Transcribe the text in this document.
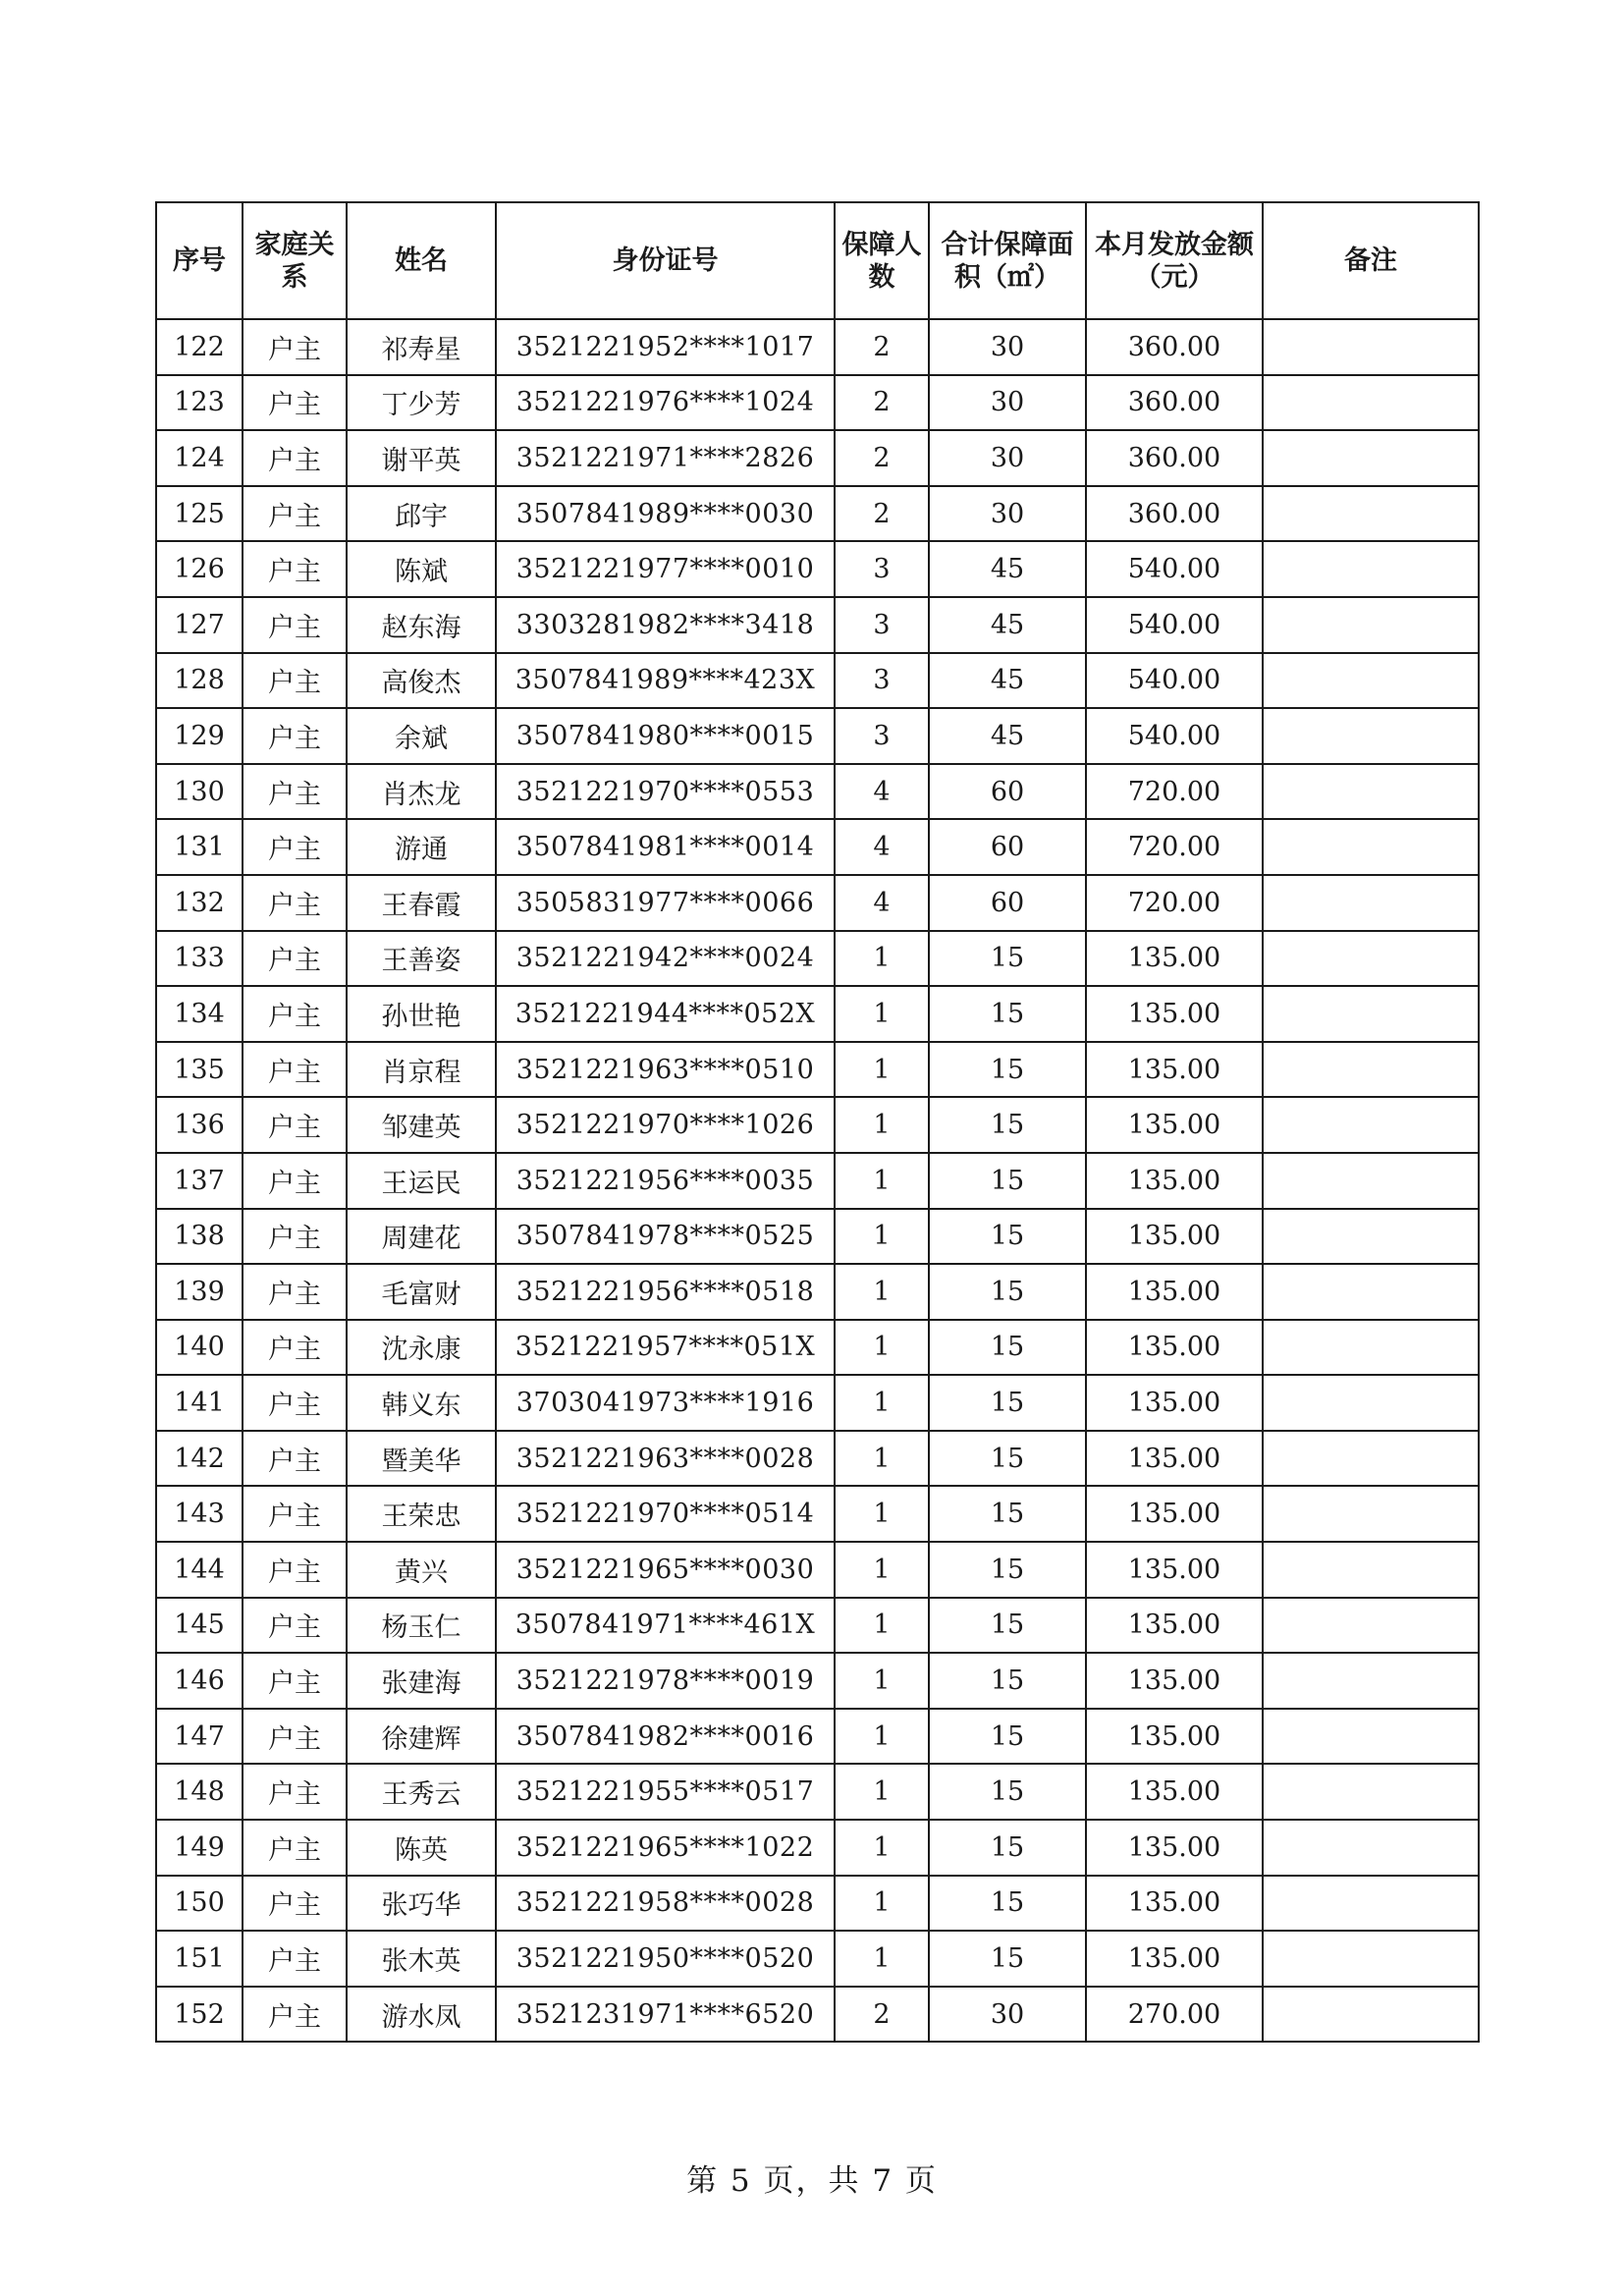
序号	家庭关系	姓名	身份证号	保障人数	合计保障面积（㎡）	本月发放金额（元）	备注
122	户主	祁寿星	3521221952****1017	2	30	360.00	
123	户主	丁少芳	3521221976****1024	2	30	360.00	
124	户主	谢平英	3521221971****2826	2	30	360.00	
125	户主	邱宇	3507841989****0030	2	30	360.00	
126	户主	陈斌	3521221977****0010	3	45	540.00	
127	户主	赵东海	3303281982****3418	3	45	540.00	
128	户主	高俊杰	3507841989****423X	3	45	540.00	
129	户主	余斌	3507841980****0015	3	45	540.00	
130	户主	肖杰龙	3521221970****0553	4	60	720.00	
131	户主	游通	3507841981****0014	4	60	720.00	
132	户主	王春霞	3505831977****0066	4	60	720.00	
133	户主	王善姿	3521221942****0024	1	15	135.00	
134	户主	孙世艳	3521221944****052X	1	15	135.00	
135	户主	肖京程	3521221963****0510	1	15	135.00	
136	户主	邹建英	3521221970****1026	1	15	135.00	
137	户主	王运民	3521221956****0035	1	15	135.00	
138	户主	周建花	3507841978****0525	1	15	135.00	
139	户主	毛富财	3521221956****0518	1	15	135.00	
140	户主	沈永康	3521221957****051X	1	15	135.00	
141	户主	韩义东	3703041973****1916	1	15	135.00	
142	户主	暨美华	3521221963****0028	1	15	135.00	
143	户主	王荣忠	3521221970****0514	1	15	135.00	
144	户主	黄兴	3521221965****0030	1	15	135.00	
145	户主	杨玉仁	3507841971****461X	1	15	135.00	
146	户主	张建海	3521221978****0019	1	15	135.00	
147	户主	徐建辉	3507841982****0016	1	15	135.00	
148	户主	王秀云	3521221955****0517	1	15	135.00	
149	户主	陈英	3521221965****1022	1	15	135.00	
150	户主	张巧华	3521221958****0028	1	15	135.00	
151	户主	张木英	3521221950****0520	1	15	135.00	
152	户主	游水凤	3521231971****6520	2	30	270.00	
第 5 页，共 7 页
